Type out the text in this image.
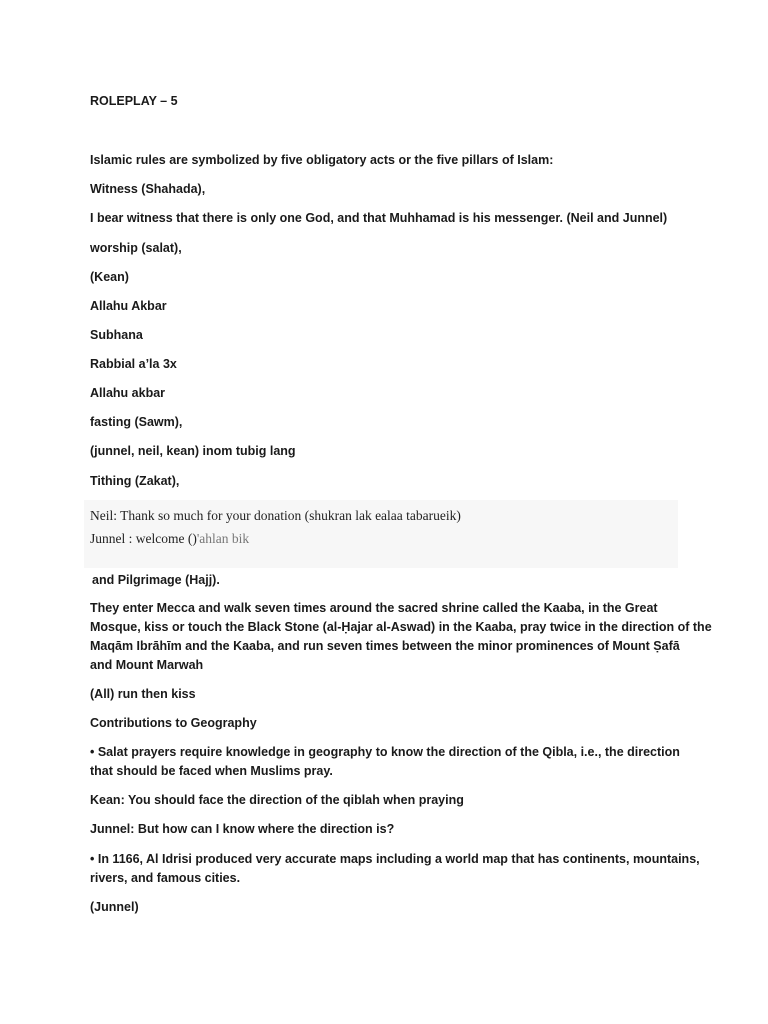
ROLEPLAY – 5

Islamic rules are symbolized by five obligatory acts or the five pillars of Islam:

Witness (Shahada),

I bear witness that there is only one God, and that Muhhamad is his messenger. (Neil and Junnel)

worship (salat),

(Kean)

Allahu Akbar

Subhana

Rabbial a’la 3x

Allahu akbar

fasting (Sawm),

(junnel, neil, kean) inom tubig lang

Tithing (Zakat),

Neil: Thank so much for your donation (shukran lak ealaa tabarueik)

Junnel : welcome ()'ahlan bik

and Pilgrimage (Hajj).

They enter Mecca and walk seven times around the sacred shrine called the Kaaba, in the Great

Mosque, kiss or touch the Black Stone (al-Ḥajar al-Aswad) in the Kaaba, pray twice in the direction of the

Maqām Ibrāhīm and the Kaaba, and run seven times between the minor prominences of Mount Ṣafā

and Mount Marwah

(All) run then kiss

Contributions to Geography

• Salat prayers require knowledge in geography to know the direction of the Qibla, i.e., the direction

that should be faced when Muslims pray.

Kean: You should face the direction of the qiblah when praying

Junnel: But how can I know where the direction is?

• In 1166, Al Idrisi produced very accurate maps including a world map that has continents, mountains,

rivers, and famous cities.

(Junnel)
